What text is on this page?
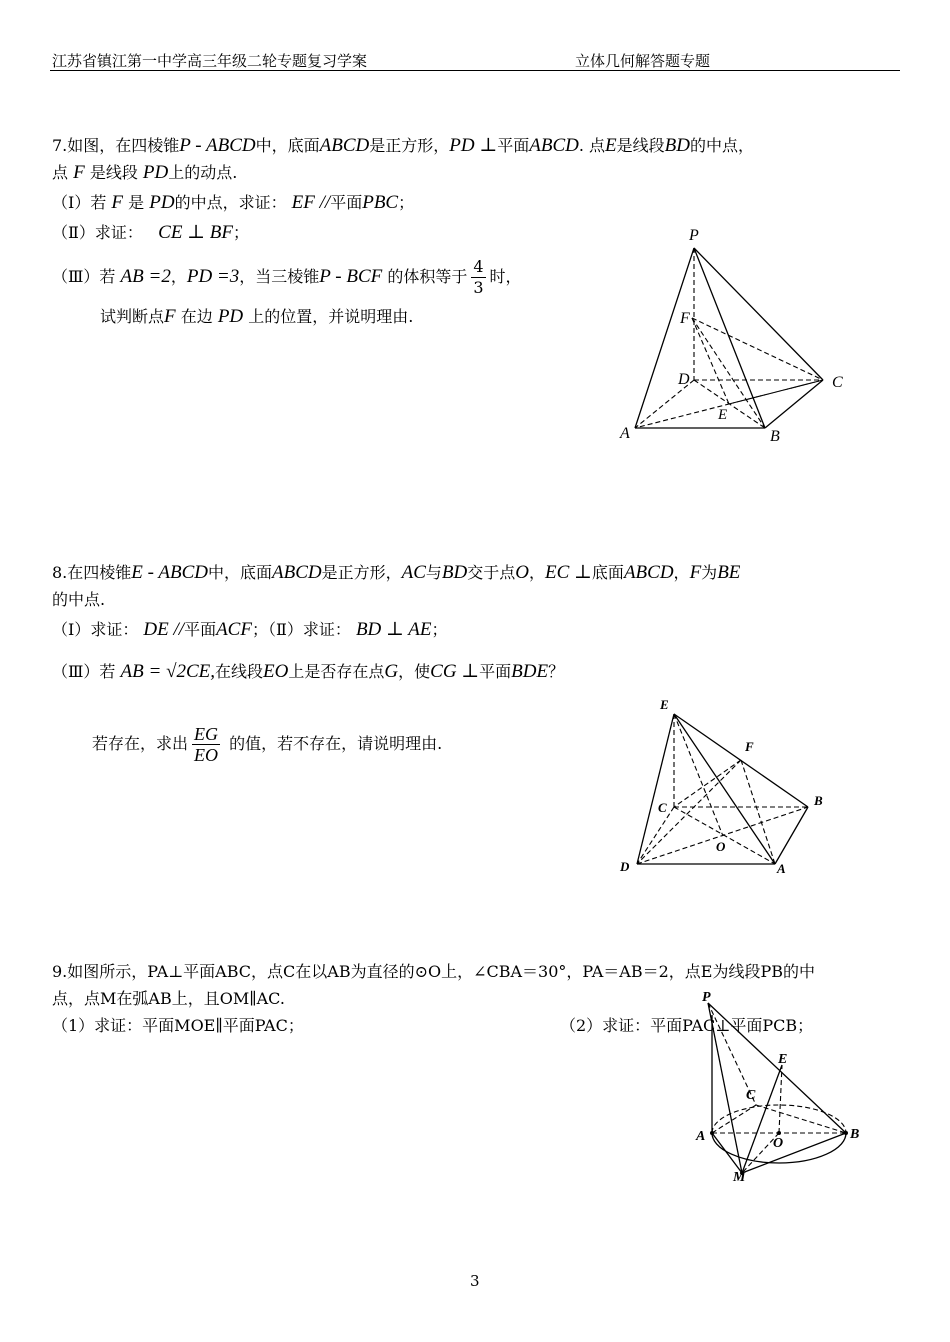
江苏省镇江第一中学高三年级二轮专题复习学案	立体几何解答题专题
7.如图，在四棱锥P - ABCD中，底面ABCD是正方形，PD ⊥平面ABCD. 点E是线段BD的中点，
点 F 是线段 PD上的动点.
（Ⅰ）若 F 是 PD的中点，求证： EF //平面PBC；
（Ⅱ）求证： CE ⊥ BF；
（Ⅲ）若
AB =2 ， PD =3 ，当三棱锥 P - BCF
的体积等于 $\frac{4}{3}$ 时，
试判断点F 在边 PD 上的位置，并说明理由.
P
F
D	C
E
A	B
8.在四棱锥E - ABCD中，底面ABCD是正方形，AC与BD交于点O，EC ⊥底面ABCD，F为BE
的中点.
（Ⅰ）求证： DE //平面ACF；（Ⅱ）求证： BD ⊥ AE；
（Ⅲ）若 AB = √2CE,在线段EO上是否存在点G，使CG ⊥平面BDE？
若存在，求出 $\frac{EG}{EO}$
的值，若不存在，请说明理由.
E
F
C	B
O
D	A
9.如图所示，PA⊥平面ABC，点C在以AB为直径的⊙O上，∠CBA＝30°，PA＝AB＝2，点E为线段PB的中
点，点M在弧AB上，且OM∥AC.
（1）求证：平面MOE∥平面PAC；	（2）求证：平面PAC⊥平面PCB；
P
E
C
A	O
B
M
3
